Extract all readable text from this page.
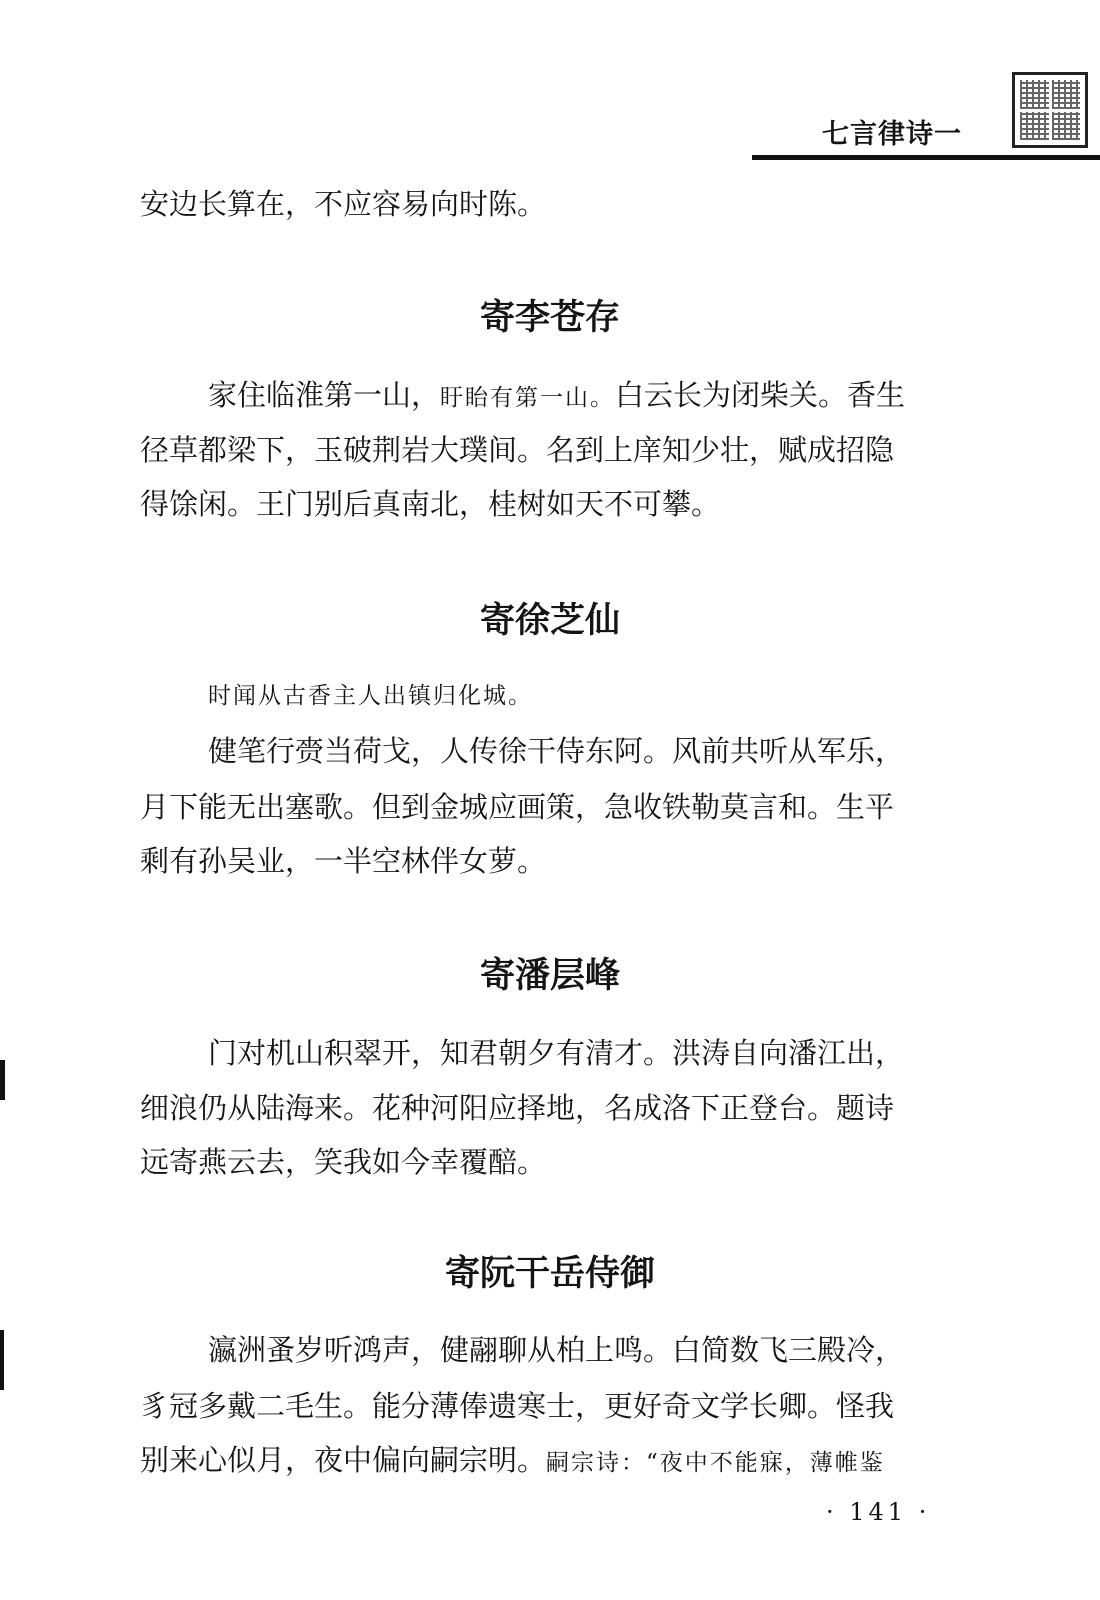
七言律诗一
安边长算在，不应容易向时陈。
寄李苍存
家住临淮第一山，盱眙有第一山。白云长为闭柴关。香生
径草都梁下，玉破荆岩大璞间。名到上庠知少壮，赋成招隐
得馀闲。王门别后真南北，桂树如天不可攀。
寄徐芝仙
时闻从古香主人出镇归化城。
健笔行赍当荷戈，人传徐干侍东阿。风前共听从军乐，
月下能无出塞歌。但到金城应画策，急收铁勒莫言和。生平
剩有孙吴业，一半空林伴女萝。
寄潘层峰
门对机山积翠开，知君朝夕有清才。洪涛自向潘江出，
细浪仍从陆海来。花种河阳应择地，名成洛下正登台。题诗
远寄燕云去，笑我如今幸覆醅。
寄阮干岳侍御
瀛洲蚤岁听鸿声，健翮聊从柏上鸣。白简数飞三殿冷，
豸冠多戴二毛生。能分薄俸遗寒士，更好奇文学长卿。怪我
别来心似月，夜中偏向嗣宗明。嗣宗诗：“夜中不能寐，薄帷鉴
· 141 ·
